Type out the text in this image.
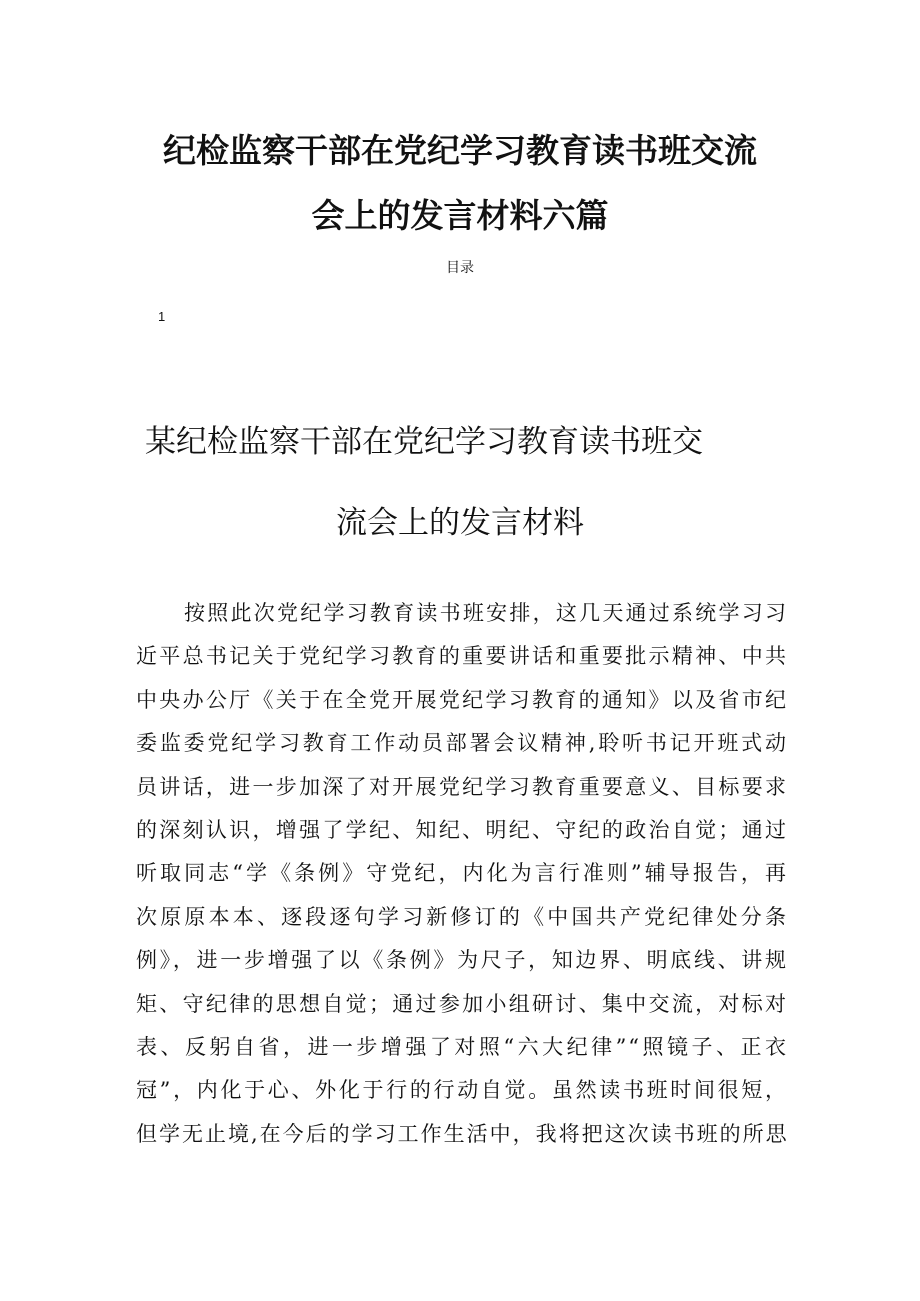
纪检监察干部在党纪学习教育读书班交流
会上的发言材料六篇
目录
1
某纪检监察干部在党纪学习教育读书班交
流会上的发言材料
按照此次党纪学习教育读书班安排，这几天通过系统学习习
近平总书记关于党纪学习教育的重要讲话和重要批示精神、中共
中央办公厅《关于在全党开展党纪学习教育的通知》以及省市纪
委监委党纪学习教育工作动员部署会议精神,聆听书记开班式动
员讲话，进一步加深了对开展党纪学习教育重要意义、目标要求
的深刻认识，增强了学纪、知纪、明纪、守纪的政治自觉；通过
听取同志“学《条例》守党纪，内化为言行准则”辅导报告，再
次原原本本、逐段逐句学习新修订的《中国共产党纪律处分条
例》，进一步增强了以《条例》为尺子，知边界、明底线、讲规
矩、守纪律的思想自觉；通过参加小组研讨、集中交流，对标对
表、反躬自省，进一步增强了对照“六大纪律”“照镜子、正衣
冠”，内化于心、外化于行的行动自觉。虽然读书班时间很短，
但学无止境,在今后的学习工作生活中，我将把这次读书班的所思
